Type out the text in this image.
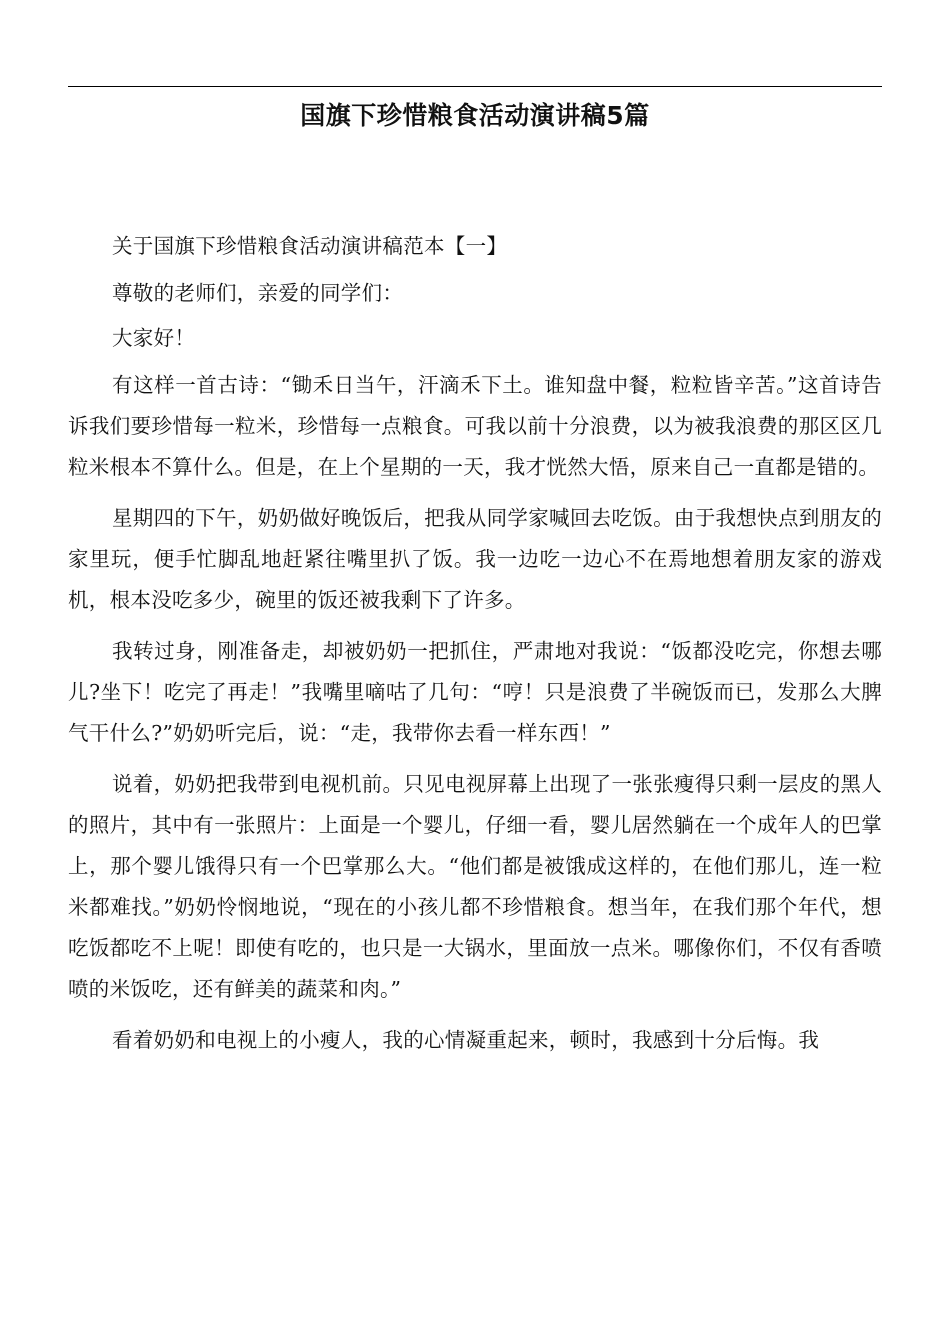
国旗下珍惜粮食活动演讲稿5篇

关于国旗下珍惜粮食活动演讲稿范本【一】

尊敬的老师们，亲爱的同学们：

大家好！

有这样一首古诗：“锄禾日当午，汗滴禾下土。谁知盘中餐，粒粒皆辛苦。”这首诗告诉我们要珍惜每一粒米，珍惜每一点粮食。可我以前十分浪费，以为被我浪费的那区区几粒米根本不算什么。但是，在上个星期的一天，我才恍然大悟，原来自己一直都是错的。

星期四的下午，奶奶做好晚饭后，把我从同学家喊回去吃饭。由于我想快点到朋友的家里玩，便手忙脚乱地赶紧往嘴里扒了饭。我一边吃一边心不在焉地想着朋友家的游戏机，根本没吃多少，碗里的饭还被我剩下了许多。

我转过身，刚准备走，却被奶奶一把抓住，严肃地对我说：“饭都没吃完，你想去哪儿?坐下！吃完了再走！”我嘴里嘀咕了几句：“哼！只是浪费了半碗饭而已，发那么大脾气干什么?”奶奶听完后，说：“走，我带你去看一样东西！”

说着，奶奶把我带到电视机前。只见电视屏幕上出现了一张张瘦得只剩一层皮的黑人的照片，其中有一张照片：上面是一个婴儿，仔细一看，婴儿居然躺在一个成年人的巴掌上，那个婴儿饿得只有一个巴掌那么大。“他们都是被饿成这样的，在他们那儿，连一粒米都难找。”奶奶怜悯地说，“现在的小孩儿都不珍惜粮食。想当年，在我们那个年代，想吃饭都吃不上呢！即使有吃的，也只是一大锅水，里面放一点米。哪像你们，不仅有香喷喷的米饭吃，还有鲜美的蔬菜和肉。”

看着奶奶和电视上的小瘦人，我的心情凝重起来，顿时，我感到十分后悔。我
